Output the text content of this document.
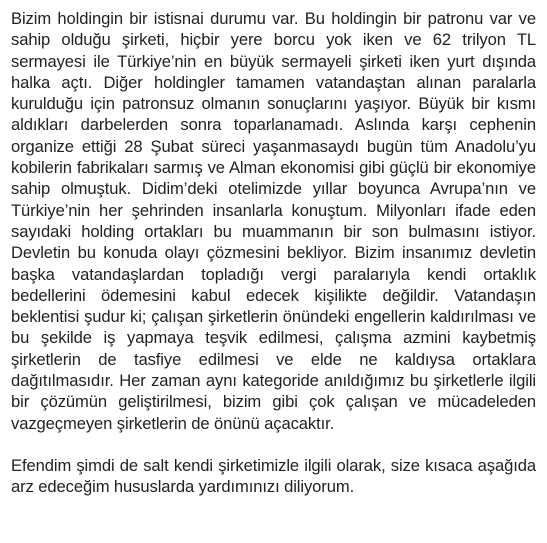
Bizim holdingin bir istisnai durumu var. Bu holdingin bir patronu var ve sahip olduğu şirketi, hiçbir yere borcu yok iken ve 62 trilyon TL sermayesi ile Türkiye’nin en büyük sermayeli şirketi iken yurt dışında halka açtı. Diğer holdingler tamamen vatandaştan alınan paralarla kurulduğu için patronsuz olmanın sonuçlarını yaşıyor. Büyük bir kısmı aldıkları darbelerden sonra toparlanamadı. Aslında karşı cephenin organize ettiği 28 Şubat süreci yaşanmasaydı bugün tüm Anadolu’yu kobilerin fabrikaları sarmış ve Alman ekonomisi gibi güçlü bir ekonomiye sahip olmuştuk. Didim’deki otelimizde yıllar boyunca Avrupa’nın ve Türkiye’nin her şehrinden insanlarla konuştum. Milyonları ifade eden sayıdaki holding ortakları bu muammanın bir son bulmasını istiyor. Devletin bu konuda olayı çözmesini bekliyor. Bizim insanımız devletin başka vatandaşlardan topladığı vergi paralarıyla kendi ortaklık bedellerini ödemesini kabul edecek kişilikte değildir. Vatandaşın beklentisi şudur ki; çalışan şirketlerin önündeki engellerin kaldırılması ve bu şekilde iş yapmaya teşvik edilmesi, çalışma azmini kaybetmiş şirketlerin de tasfiye edilmesi ve elde ne kaldıysa ortaklara dağıtılmasıdır. Her zaman aynı kategoride anıldığımız bu şirketlerle ilgili bir çözümün geliştirilmesi, bizim gibi çok çalışan ve mücadeleden vazgeçmeyen şirketlerin de önünü açacaktır.

Efendim şimdi de salt kendi şirketimizle ilgili olarak, size kısaca aşağıda arz edeceğim hususlarda yardımınızı diliyorum.
